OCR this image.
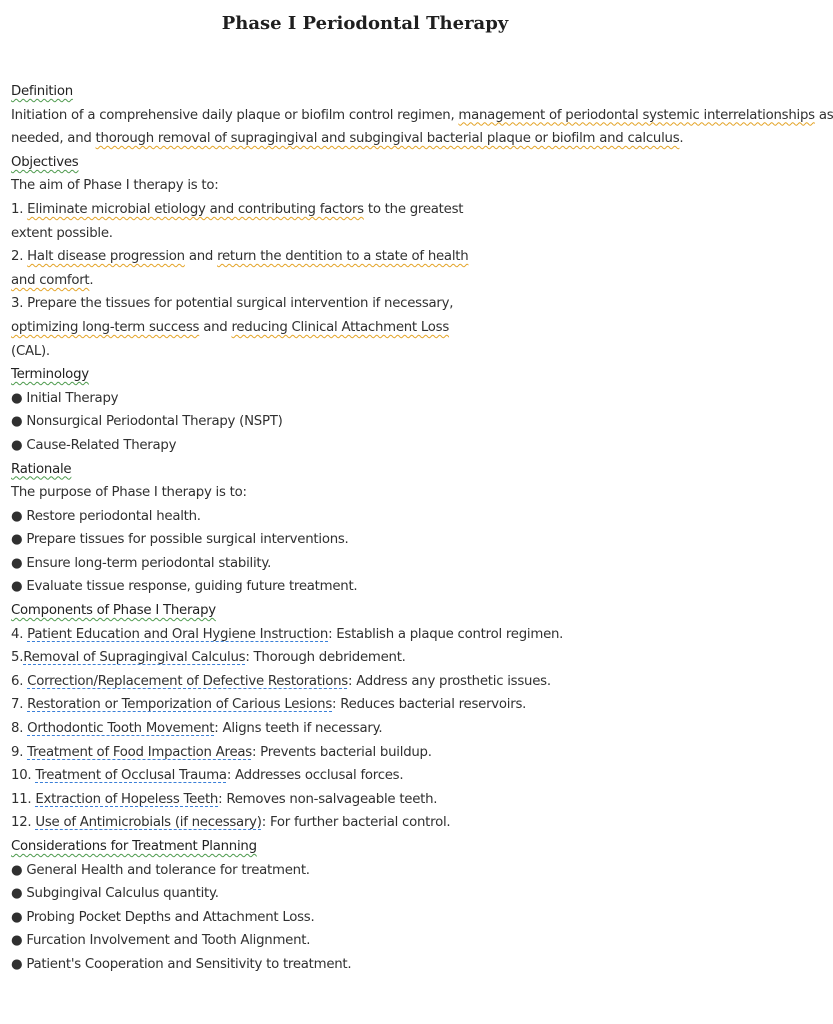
Phase I Periodontal Therapy
Definition
Initiation of a comprehensive daily plaque or biofilm control regimen, management of periodontal systemic interrelationships as
needed, and thorough removal of supragingival and subgingival bacterial plaque or biofilm and calculus.
Objectives
The aim of Phase I therapy is to:
1. Eliminate microbial etiology and contributing factors to the greatest
extent possible.
2. Halt disease progression and return the dentition to a state of health
and comfort.
3. Prepare the tissues for potential surgical intervention if necessary,
optimizing long-term success and reducing Clinical Attachment Loss
(CAL).
Terminology
● Initial Therapy
● Nonsurgical Periodontal Therapy (NSPT)
● Cause-Related Therapy
Rationale
The purpose of Phase I therapy is to:
● Restore periodontal health.
● Prepare tissues for possible surgical interventions.
● Ensure long-term periodontal stability.
● Evaluate tissue response, guiding future treatment.
Components of Phase I Therapy
4. Patient Education and Oral Hygiene Instruction: Establish a plaque control regimen.
5.Removal of Supragingival Calculus: Thorough debridement.
6. Correction/Replacement of Defective Restorations: Address any prosthetic issues.
7. Restoration or Temporization of Carious Lesions: Reduces bacterial reservoirs.
8. Orthodontic Tooth Movement: Aligns teeth if necessary.
9. Treatment of Food Impaction Areas: Prevents bacterial buildup.
10. Treatment of Occlusal Trauma: Addresses occlusal forces.
11. Extraction of Hopeless Teeth: Removes non-salvageable teeth.
12. Use of Antimicrobials (if necessary): For further bacterial control.
Considerations for Treatment Planning
● General Health and tolerance for treatment.
● Subgingival Calculus quantity.
● Probing Pocket Depths and Attachment Loss.
● Furcation Involvement and Tooth Alignment.
● Patient's Cooperation and Sensitivity to treatment.
